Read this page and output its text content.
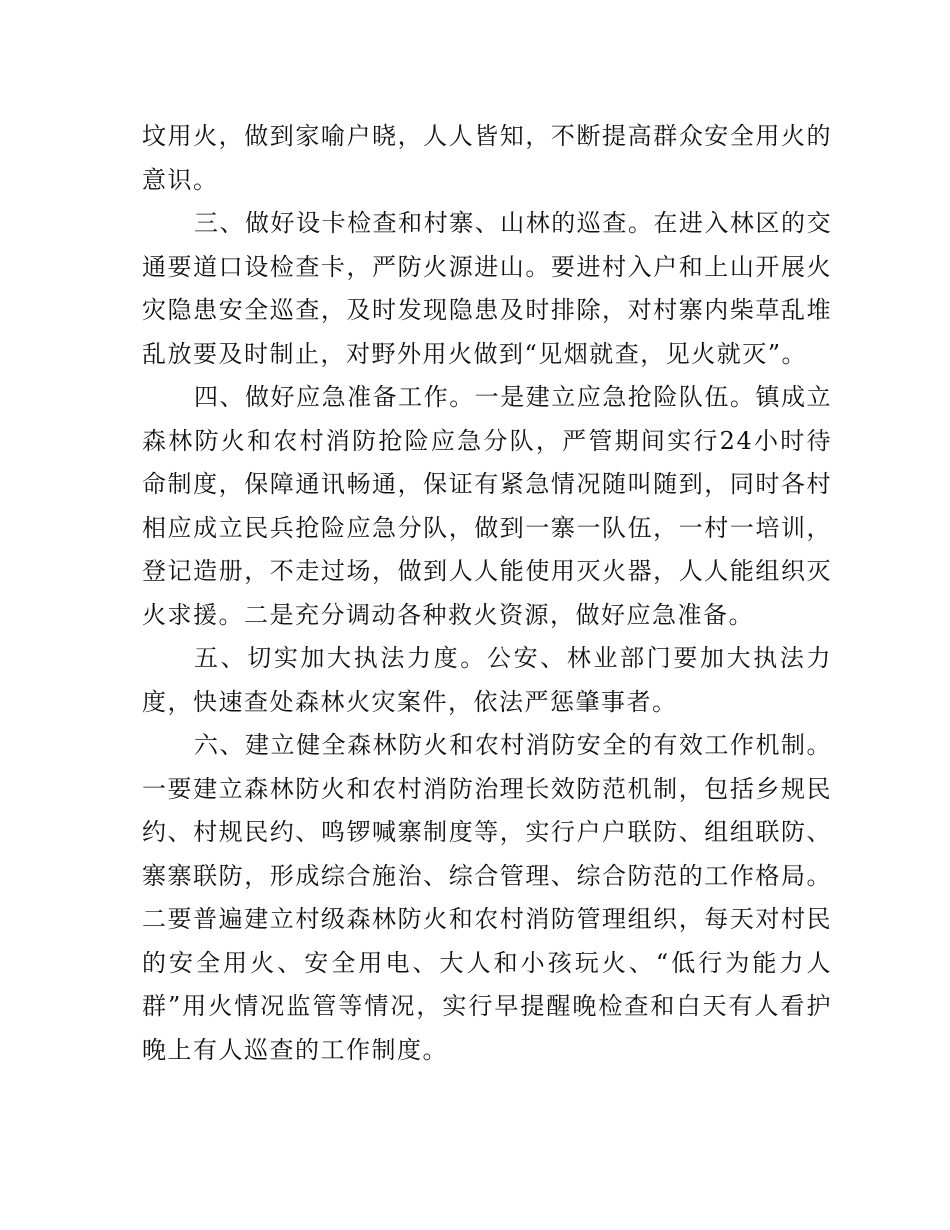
坟用火，做到家喻户晓，人人皆知，不断提高群众安全用火的意识。

三、做好设卡检查和村寨、山林的巡查。在进入林区的交通要道口设检查卡，严防火源进山。要进村入户和上山开展火灾隐患安全巡查，及时发现隐患及时排除，对村寨内柴草乱堆乱放要及时制止，对野外用火做到“见烟就查，见火就灭”。

四、做好应急准备工作。一是建立应急抢险队伍。镇成立森林防火和农村消防抢险应急分队，严管期间实行24小时待命制度，保障通讯畅通，保证有紧急情况随叫随到，同时各村相应成立民兵抢险应急分队，做到一寨一队伍，一村一培训，登记造册，不走过场，做到人人能使用灭火器，人人能组织灭火求援。二是充分调动各种救火资源，做好应急准备。

五、切实加大执法力度。公安、林业部门要加大执法力度，快速查处森林火灾案件，依法严惩肇事者。

六、建立健全森林防火和农村消防安全的有效工作机制。一要建立森林防火和农村消防治理长效防范机制，包括乡规民约、村规民约、鸣锣喊寨制度等，实行户户联防、组组联防、寨寨联防，形成综合施治、综合管理、综合防范的工作格局。二要普遍建立村级森林防火和农村消防管理组织，每天对村民的安全用火、安全用电、大人和小孩玩火、“低行为能力人群”用火情况监管等情况，实行早提醒晚检查和白天有人看护晚上有人巡查的工作制度。
